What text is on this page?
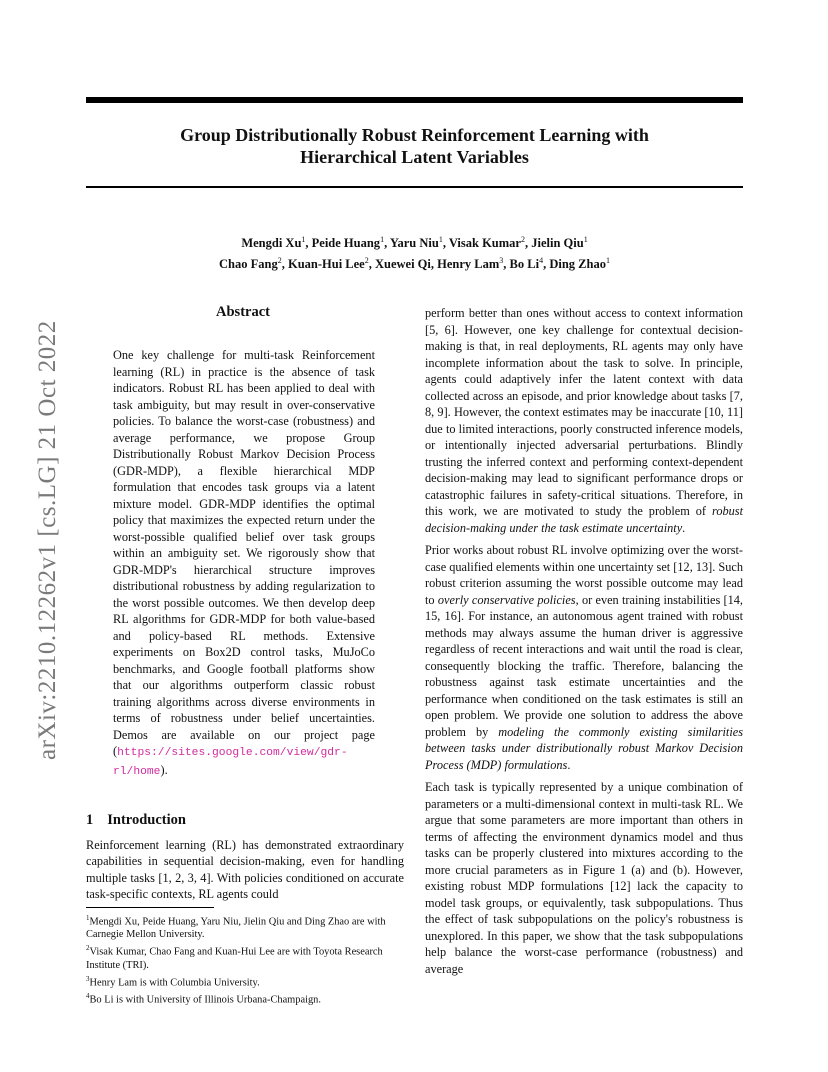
Group Distributionally Robust Reinforcement Learning with
Hierarchical Latent Variables
Mengdi Xu$^1$, Peide Huang$^1$, Yaru Niu$^1$, Visak Kumar$^2$, Jielin Qiu$^1$
Chao Fang$^2$, Kuan-Hui Lee$^2$, Xuewei Qi, Henry Lam$^3$, Bo Li$^4$, Ding Zhao$^1$
arXiv:2210.12262v1 [cs.LG] 21 Oct 2022
Abstract
One key challenge for multi-task Reinforcement learning (RL) in practice is the absence of task indicators. Robust RL has been applied to deal with task ambiguity, but may result in over-conservative policies. To balance the worst-case (robustness) and average performance, we propose Group Distributionally Robust Markov Decision Process (GDR-MDP), a flexible hierarchical MDP formulation that encodes task groups via a latent mixture model. GDR-MDP identifies the optimal policy that maximizes the expected return under the worst-possible qualified belief over task groups within an ambiguity set. We rigorously show that GDR-MDP's hierarchical structure improves distributional robustness by adding regularization to the worst possible outcomes. We then develop deep RL algorithms for GDR-MDP for both value-based and policy-based RL methods. Extensive experiments on Box2D control tasks, MuJoCo benchmarks, and Google football platforms show that our algorithms outperform classic robust training algorithms across diverse environments in terms of robustness under belief uncertainties. Demos are available on our project page (https://sites.google.com/view/gdr-rl/home).
1 Introduction

Reinforcement learning (RL) has demonstrated extraordinary capabilities in sequential decision-making, even for handling multiple tasks [1, 2, 3, 4]. With policies conditioned on accurate task-specific contexts, RL agents could

$^1$Mengdi Xu, Peide Huang, Yaru Niu, Jielin Qiu and Ding Zhao are with Carnegie Mellon University.

$^2$Visak Kumar, Chao Fang and Kuan-Hui Lee are with Toyota Research Institute (TRI).

$^3$Henry Lam is with Columbia University.

$^4$Bo Li is with University of Illinois Urbana-Champaign.

perform better than ones without access to context information [5, 6]. However, one key challenge for contextual decision-making is that, in real deployments, RL agents may only have incomplete information about the task to solve. In principle, agents could adaptively infer the latent context with data collected across an episode, and prior knowledge about tasks [7, 8, 9]. However, the context estimates may be inaccurate [10, 11] due to limited interactions, poorly constructed inference models, or intentionally injected adversarial perturbations. Blindly trusting the inferred context and performing context-dependent decision-making may lead to significant performance drops or catastrophic failures in safety-critical situations. Therefore, in this work, we are motivated to study the problem of robust decision-making under the task estimate uncertainty.

Prior works about robust RL involve optimizing over the worst-case qualified elements within one uncertainty set [12, 13]. Such robust criterion assuming the worst possible outcome may lead to overly conservative policies, or even training instabilities [14, 15, 16]. For instance, an autonomous agent trained with robust methods may always assume the human driver is aggressive regardless of recent interactions and wait until the road is clear, consequently blocking the traffic. Therefore, balancing the robustness against task estimate uncertainties and the performance when conditioned on the task estimates is still an open problem. We provide one solution to address the above problem by modeling the commonly existing similarities between tasks under distributionally robust Markov Decision Process (MDP) formulations.

Each task is typically represented by a unique combination of parameters or a multi-dimensional context in multi-task RL. We argue that some parameters are more important than others in terms of affecting the environment dynamics model and thus tasks can be properly clustered into mixtures according to the more crucial parameters as in Figure 1 (a) and (b). However, existing robust MDP formulations [12] lack the capacity to model task groups, or equivalently, task subpopulations. Thus the effect of task subpopulations on the policy's robustness is unexplored. In this paper, we show that the task subpopulations help balance the worst-case performance (robustness) and average
